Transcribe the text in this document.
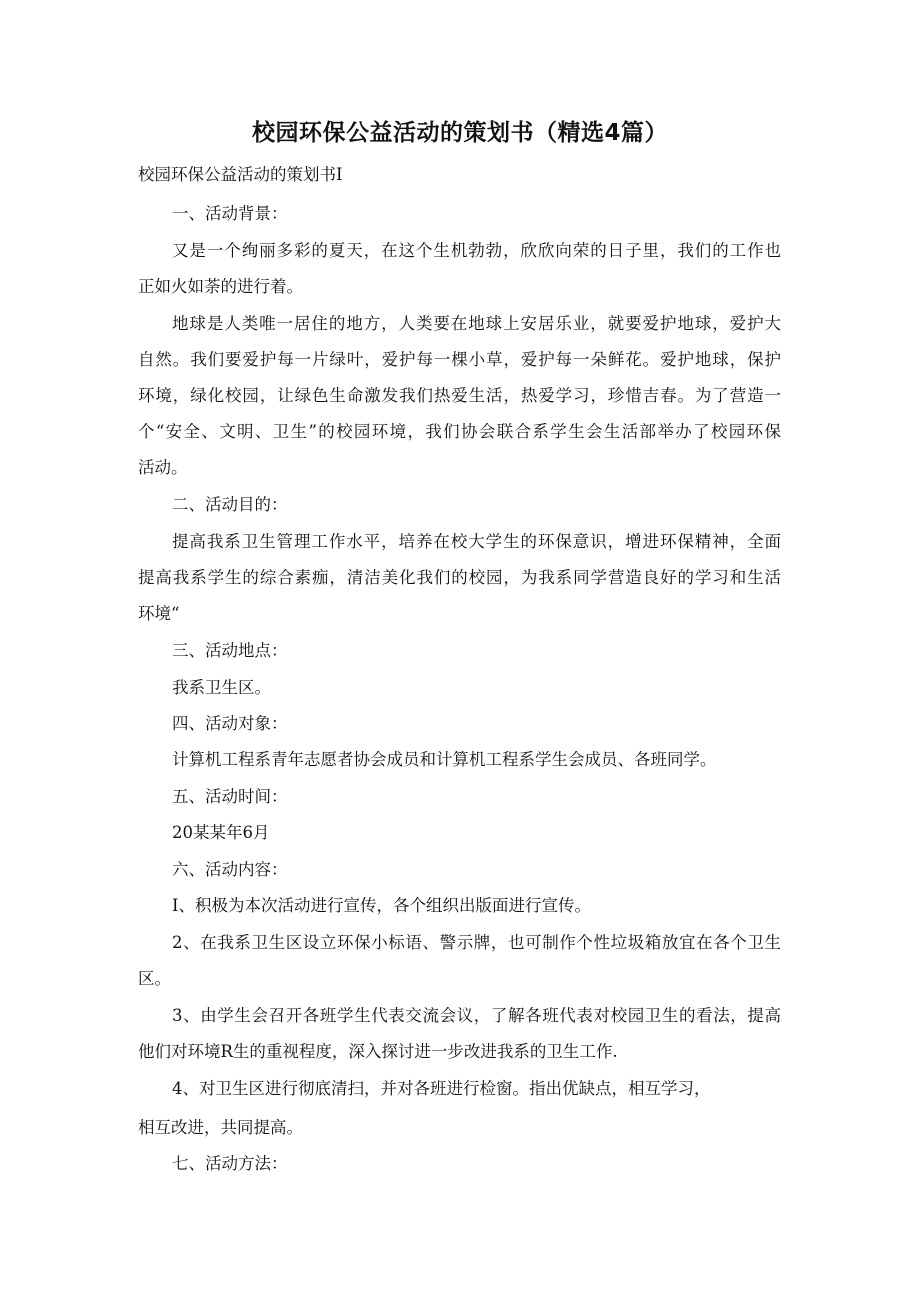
校园环保公益活动的策划书（精选4篇）
校园环保公益活动的策划书I
一、活动背景：
又是一个绚丽多彩的夏天，在这个生机勃勃，欣欣向荣的日子里，我们的工作也
正如火如荼的进行着。
地球是人类唯一居住的地方，人类要在地球上安居乐业，就要爱护地球，爱护大
自然。我们要爱护每一片绿叶，爱护每一棵小草，爱护每一朵鲜花。爱护地球，保护
环境，绿化校园，让绿色生命激发我们热爱生活，热爱学习，珍惜吉春。为了营造一
个“安全、文明、卫生”的校园环境，我们协会联合系学生会生活部举办了校园环保
活动。
二、活动目的：
提高我系卫生管理工作水平，培养在校大学生的环保意识，增进环保精神，全面
提高我系学生的综合素痂，清洁美化我们的校园，为我系同学营造良好的学习和生活
环境“
三、活动地点：
我系卫生区。
四、活动对象：
计算机工程系青年志愿者协会成员和计算机工程系学生会成员、各班同学。
五、活动时间：
20某某年6月
六、活动内容：
I、积极为本次活动进行宣传，各个组织出版面进行宣传。
2、在我系卫生区设立环保小标语、警示牌，也可制作个性垃圾箱放宜在各个卫生
区。
3、由学生会召开各班学生代表交流会议，了解各班代表对校园卫生的看法，提高
他们对环境R生的重视程度，深入探讨进一步改进我系的卫生工作.
4、对卫生区进行彻底清扫，并对各班进行检窗。指出优缺点，相互学习，
相互改进，共同提高。
七、活动方法：
